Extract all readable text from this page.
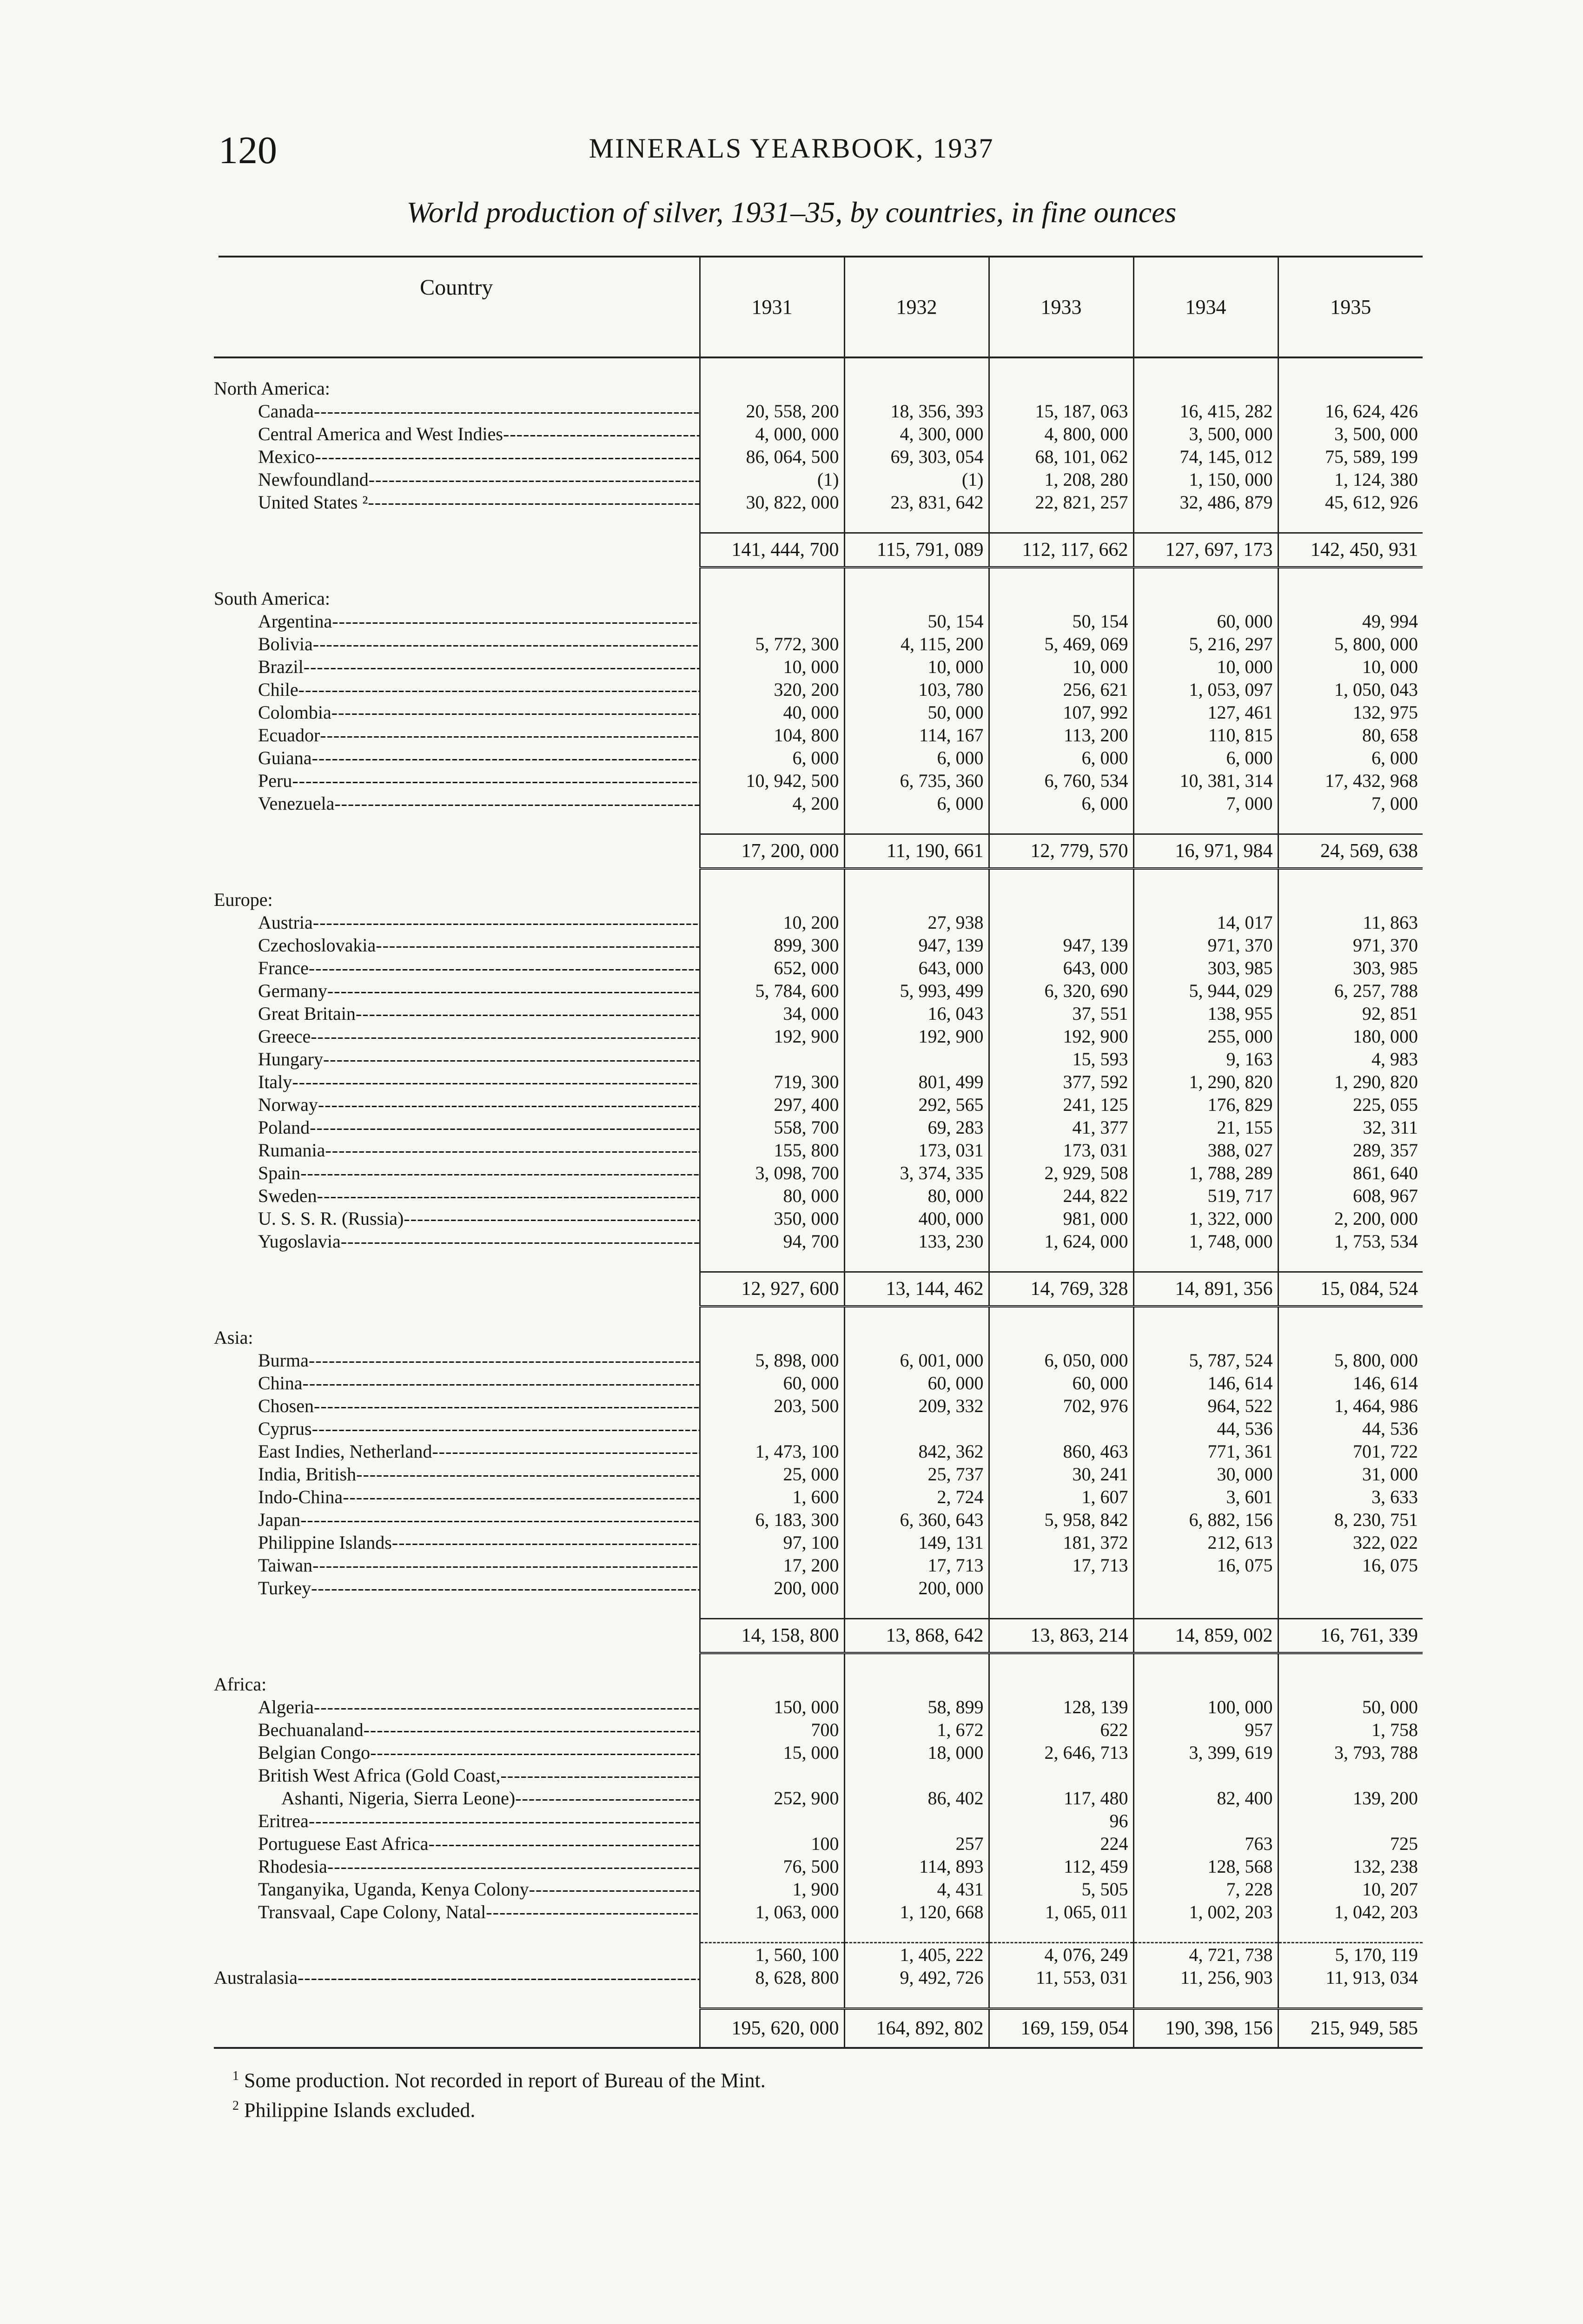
120	MINERALS YEARBOOK, 1937
World production of silver, 1931–35, by countries, in fine ounces
Country	1931	1932	1933	1934	1935

North America:					
Canada -----	20, 558, 200	18, 356, 393	15, 187, 063	16, 415, 282	16, 624, 426
Central America and West Indies -----	4, 000, 000	4, 300, 000	4, 800, 000	3, 500, 000	3, 500, 000
Mexico -----	86, 064, 500	69, 303, 054	68, 101, 062	74, 145, 012	75, 589, 199
Newfoundland -----	(1)	(1)	1, 208, 280	1, 150, 000	1, 124, 380
United States ² -----	30, 822, 000	23, 831, 642	22, 821, 257	32, 486, 879	45, 612, 926

	141, 444, 700	115, 791, 089	112, 117, 662	127, 697, 173	142, 450, 931

South America:					
Argentina -----		50, 154	50, 154	60, 000	49, 994
Bolivia -----	5, 772, 300	4, 115, 200	5, 469, 069	5, 216, 297	5, 800, 000
Brazil -----	10, 000	10, 000	10, 000	10, 000	10, 000
Chile -----	320, 200	103, 780	256, 621	1, 053, 097	1, 050, 043
Colombia -----	40, 000	50, 000	107, 992	127, 461	132, 975
Ecuador -----	104, 800	114, 167	113, 200	110, 815	80, 658
Guiana -----	6, 000	6, 000	6, 000	6, 000	6, 000
Peru -----	10, 942, 500	6, 735, 360	6, 760, 534	10, 381, 314	17, 432, 968
Venezuela -----	4, 200	6, 000	6, 000	7, 000	7, 000

	17, 200, 000	11, 190, 661	12, 779, 570	16, 971, 984	24, 569, 638

Europe:					
Austria -----	10, 200	27, 938		14, 017	11, 863
Czechoslovakia -----	899, 300	947, 139	947, 139	971, 370	971, 370
France -----	652, 000	643, 000	643, 000	303, 985	303, 985
Germany -----	5, 784, 600	5, 993, 499	6, 320, 690	5, 944, 029	6, 257, 788
Great Britain -----	34, 000	16, 043	37, 551	138, 955	92, 851
Greece -----	192, 900	192, 900	192, 900	255, 000	180, 000
Hungary -----			15, 593	9, 163	4, 983
Italy -----	719, 300	801, 499	377, 592	1, 290, 820	1, 290, 820
Norway -----	297, 400	292, 565	241, 125	176, 829	225, 055
Poland -----	558, 700	69, 283	41, 377	21, 155	32, 311
Rumania -----	155, 800	173, 031	173, 031	388, 027	289, 357
Spain -----	3, 098, 700	3, 374, 335	2, 929, 508	1, 788, 289	861, 640
Sweden -----	80, 000	80, 000	244, 822	519, 717	608, 967
U. S. S. R. (Russia) -----	350, 000	400, 000	981, 000	1, 322, 000	2, 200, 000
Yugoslavia -----	94, 700	133, 230	1, 624, 000	1, 748, 000	1, 753, 534

	12, 927, 600	13, 144, 462	14, 769, 328	14, 891, 356	15, 084, 524

Asia:					
Burma -----	5, 898, 000	6, 001, 000	6, 050, 000	5, 787, 524	5, 800, 000
China -----	60, 000	60, 000	60, 000	146, 614	146, 614
Chosen -----	203, 500	209, 332	702, 976	964, 522	1, 464, 986
Cyprus -----				44, 536	44, 536
East Indies, Netherland -----	1, 473, 100	842, 362	860, 463	771, 361	701, 722
India, British -----	25, 000	25, 737	30, 241	30, 000	31, 000
Indo-China -----	1, 600	2, 724	1, 607	3, 601	3, 633
Japan -----	6, 183, 300	6, 360, 643	5, 958, 842	6, 882, 156	8, 230, 751
Philippine Islands -----	97, 100	149, 131	181, 372	212, 613	322, 022
Taiwan -----	17, 200	17, 713	17, 713	16, 075	16, 075
Turkey -----	200, 000	200, 000			

	14, 158, 800	13, 868, 642	13, 863, 214	14, 859, 002	16, 761, 339

Africa:					
Algeria -----	150, 000	58, 899	128, 139	100, 000	50, 000
Bechuanaland -----	700	1, 672	622	957	1, 758
Belgian Congo -----	15, 000	18, 000	2, 646, 713	3, 399, 619	3, 793, 788
British West Africa (Gold Coast, -----					
Ashanti, Nigeria, Sierra Leone) -----	252, 900	86, 402	117, 480	82, 400	139, 200
Eritrea -----			96		
Portuguese East Africa -----	100	257	224	763	725
Rhodesia -----	76, 500	114, 893	112, 459	128, 568	132, 238
Tanganyika, Uganda, Kenya Colony -----	1, 900	4, 431	5, 505	7, 228	10, 207
Transvaal, Cape Colony, Natal -----	1, 063, 000	1, 120, 668	1, 065, 011	1, 002, 203	1, 042, 203

	1, 560, 100	1, 405, 222	4, 076, 249	4, 721, 738	5, 170, 119
Australasia -----	8, 628, 800	9, 492, 726	11, 553, 031	11, 256, 903	11, 913, 034

	195, 620, 000	164, 892, 802	169, 159, 054	190, 398, 156	215, 949, 585
$^1$ Some production. Not recorded in report of Bureau of the Mint.
$^2$ Philippine Islands excluded.
